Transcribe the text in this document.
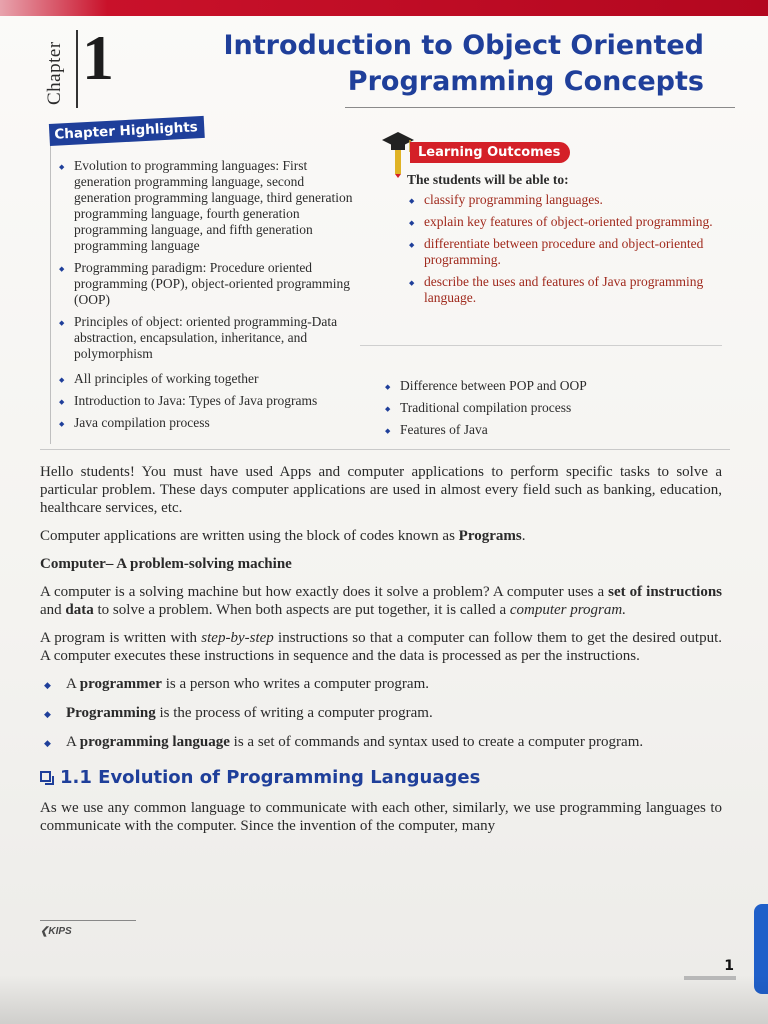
Chapter 1	Introduction to Object Oriented
Programming Concepts
Chapter Highlights
◆ Evolution to programming languages: First generation programming language, second generation programming language, third generation programming language, fourth generation programming language, and fifth generation programming language
◆ Programming paradigm: Procedure oriented programming (POP), object-oriented programming (OOP)
◆ Principles of object: oriented programming-Data abstraction, encapsulation, inheritance, and polymorphism
◆ All principles of working together
◆ Introduction to Java: Types of Java programs
◆ Java compilation process
Learning Outcomes
The students will be able to:
◆ classify programming languages.
◆ explain key features of object-oriented programming.
◆ differentiate between procedure and object-oriented programming.
◆ describe the uses and features of Java programming language.
◆ Difference between POP and OOP
◆ Traditional compilation process
◆ Features of Java

Hello students! You must have used Apps and computer applications to perform specific tasks to solve a particular problem. These days computer applications are used in almost every field such as banking, education, healthcare services, etc.

Computer applications are written using the block of codes known as Programs.

Computer– A problem-solving machine

A computer is a solving machine but how exactly does it solve a problem? A computer uses a set of instructions and data to solve a problem. When both aspects are put together, it is called a computer program.

A program is written with step-by-step instructions so that a computer can follow them to get the desired output. A computer executes these instructions in sequence and the data is processed as per the instructions.

◆ A programmer is a person who writes a computer program.
◆ Programming is the process of writing a computer program.
◆ A programming language is a set of commands and syntax used to create a computer program.
1.1 Evolution of Programming Languages

As we use any common language to communicate with each other, similarly, we use programming languages to communicate with the computer. Since the invention of the computer, many

❮KIPS
1
